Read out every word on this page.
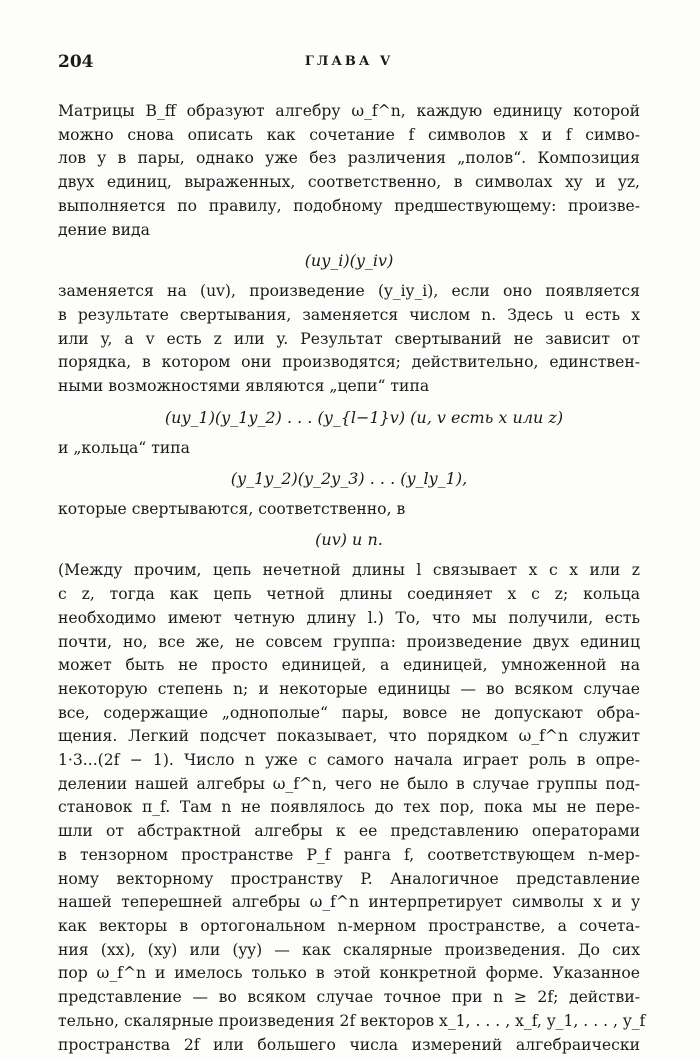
204	ГЛАВА V
Матрицы B_ff образуют алгебру ω_f^n, каждую единицу которой
можно снова описать как сочетание f символов x и f симво-
лов y в пары, однако уже без различения „полов“. Композиция
двух единиц, выраженных, соответственно, в символах xy и yz,
выполняется по правилу, подобному предшествующему: произве-
дение вида
(uy_i)(y_iv)
заменяется на (uv), произведение (y_iy_i), если оно появляется
в результате свертывания, заменяется числом n. Здесь u есть x
или y, а v есть z или y. Результат свертываний не зависит от
порядка, в котором они производятся; действительно, единствен-
ными возможностями являются „цепи“ типа
(uy_1)(y_1y_2) . . . (y_{l−1}v) (u, v есть x или z)
и „кольца“ типа
(y_1y_2)(y_2y_3) . . . (y_ly_1),
которые свертываются, соответственно, в
(uv) и n.
(Между прочим, цепь нечетной длины l связывает x с x или z
с z, тогда как цепь четной длины соединяет x с z; кольца
необходимо имеют четную длину l.) То, что мы получили, есть
почти, но, все же, не совсем группа: произведение двух единиц
может быть не просто единицей, а единицей, умноженной на
некоторую степень n; и некоторые единицы — во всяком случае
все, содержащие „однополые“ пары, вовсе не допускают обра-
щения. Легкий подсчет показывает, что порядком ω_f^n служит
1·3...(2f − 1). Число n уже с самого начала играет роль в опре-
делении нашей алгебры ω_f^n, чего не было в случае группы под-
становок π_f. Там n не появлялось до тех пор, пока мы не пере-
шли от абстрактной алгебры к ее представлению операторами
в тензорном пространстве P_f ранга f, соответствующем n-мер-
ному векторному пространству P. Аналогичное представление
нашей теперешней алгебры ω_f^n интерпретирует символы x и y
как векторы в ортогональном n-мерном пространстве, а сочета-
ния (xx), (xy) или (yy) — как скалярные произведения. До сих
пор ω_f^n и имелось только в этой конкретной форме. Указанное
представление — во всяком случае точное при n ≥ 2f; действи-
тельно, скалярные произведения 2f векторов x_1, . . . , x_f, y_1, . . . , y_f
пространства 2f или большего числа измерений алгебраически
